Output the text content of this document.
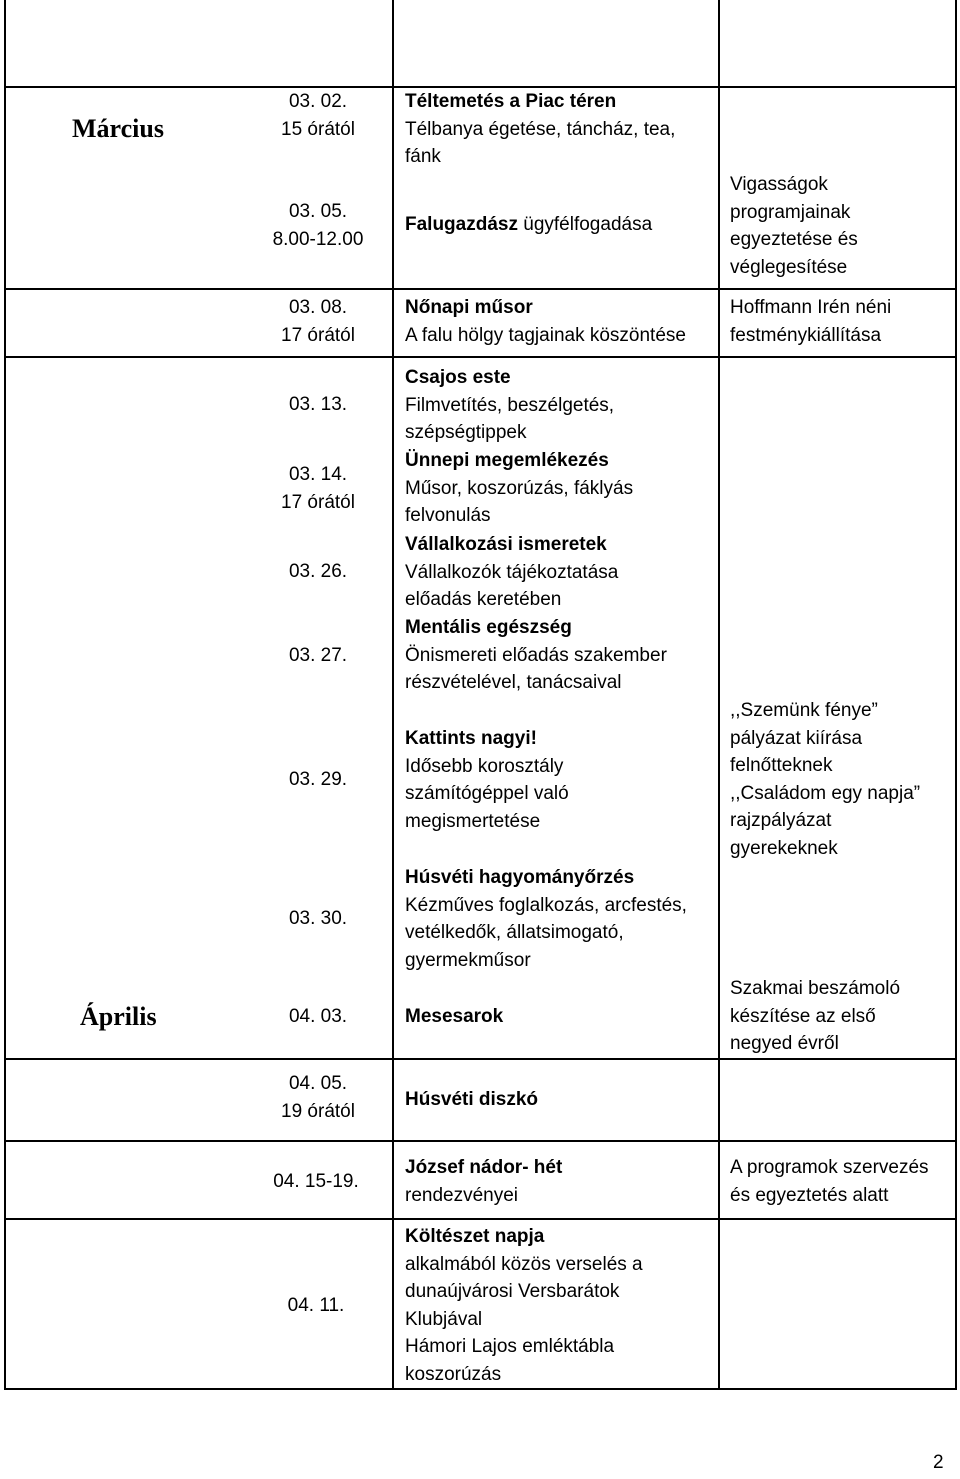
Március
Április
03. 02.
15 órától
03. 05.
8.00-12.00
03. 08.
17 órától
03. 13.
03. 14.
17 órától
03. 26.
03. 27.
03. 29.
03. 30.
04. 03.
04. 05.
19 órától
04. 15-19.
04. 11.
Téltemetés a Piac téren
Télbanya égetése, táncház, tea,
fánk
Falugazdász ügyfélfogadása
Nőnapi műsor
A falu hölgy tagjainak köszöntése
Csajos este
Filmvetítés, beszélgetés,
szépségtippek
Ünnepi megemlékezés
Műsor, koszorúzás, fáklyás
felvonulás
Vállalkozási ismeretek
Vállalkozók tájékoztatása
előadás keretében
Mentális egészség
Önismereti előadás szakember
részvételével, tanácsaival
Kattints nagyi!
Idősebb korosztály
számítógéppel való
megismertetése
Húsvéti hagyományőrzés
Kézműves foglalkozás, arcfestés,
vetélkedők, állatsimogató,
gyermekműsor
Mesesarok
Húsvéti diszkó
József nádor- hét
rendezvényei
Költészet napja
alkalmából közös verselés a
dunaújvárosi Versbarátok
Klubjával
Hámori Lajos emléktábla
koszorúzás
Vigasságok
programjainak
egyeztetése és
véglegesítése
Hoffmann Irén néni
festménykiállítása
,,Szemünk fénye”
pályázat kiírása
felnőtteknek
,,Családom egy napja”
rajzpályázat
gyerekeknek
Szakmai beszámoló
készítése az első
negyed évről
A programok szervezés
és egyeztetés alatt
2
